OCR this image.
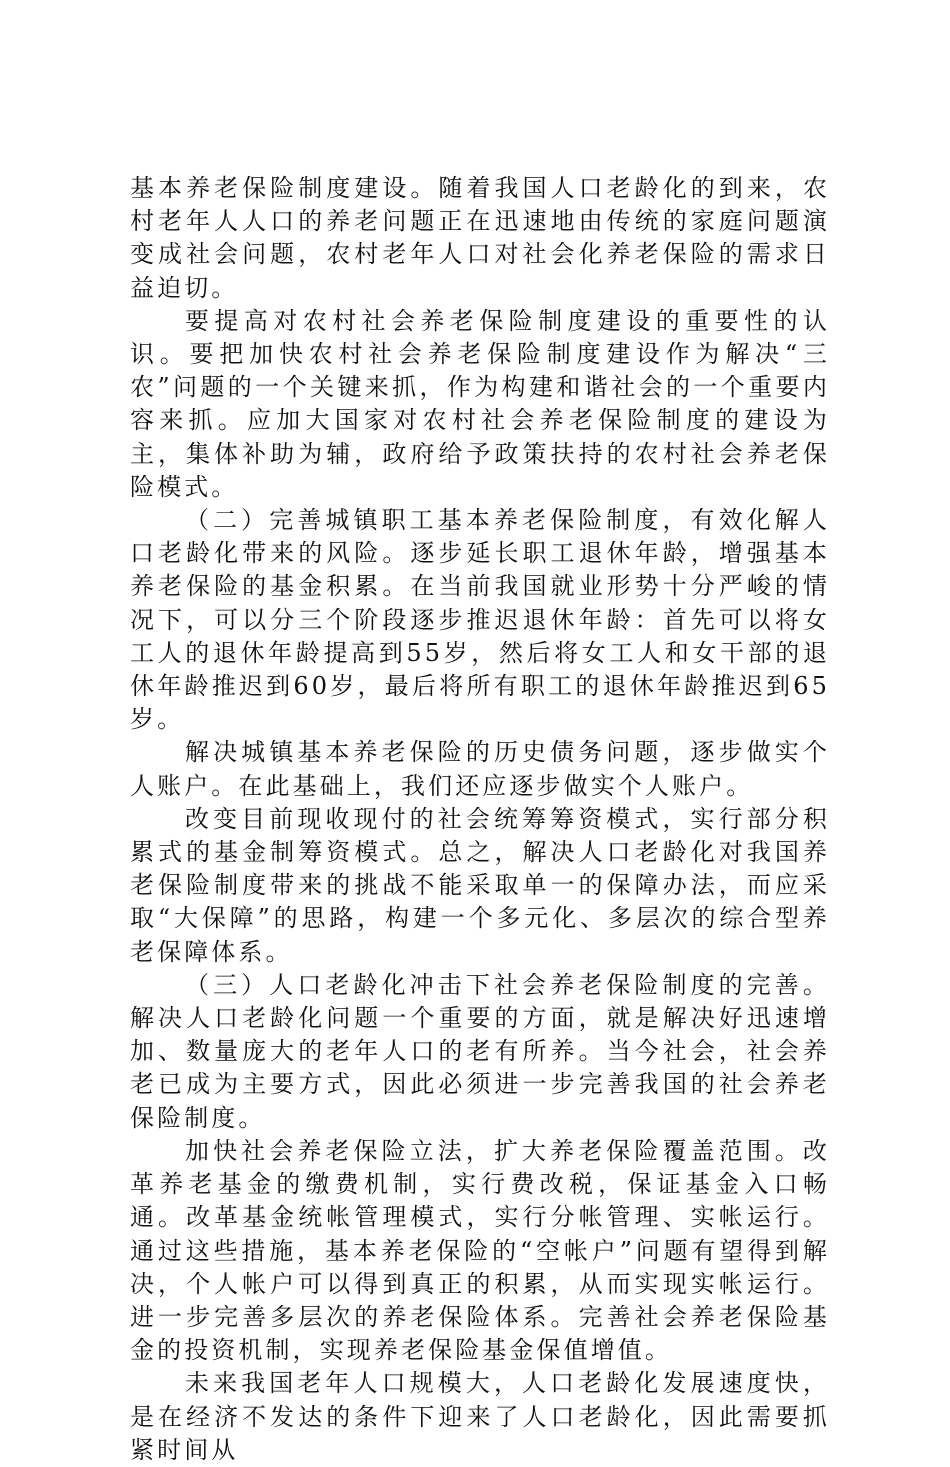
基本养老保险制度建设。随着我国人口老龄化的到来，农村老年人人口的养老问题正在迅速地由传统的家庭问题演变成社会问题，农村老年人口对社会化养老保险的需求日益迫切。

要提高对农村社会养老保险制度建设的重要性的认识。要把加快农村社会养老保险制度建设作为解决“三农”问题的一个关键来抓，作为构建和谐社会的一个重要内容来抓。应加大国家对农村社会养老保险制度的建设为主，集体补助为辅，政府给予政策扶持的农村社会养老保险模式。

（二）完善城镇职工基本养老保险制度，有效化解人口老龄化带来的风险。逐步延长职工退休年龄，增强基本养老保险的基金积累。在当前我国就业形势十分严峻的情况下，可以分三个阶段逐步推迟退休年龄：首先可以将女工人的退休年龄提高到55岁，然后将女工人和女干部的退休年龄推迟到60岁，最后将所有职工的退休年龄推迟到65岁。

解决城镇基本养老保险的历史债务问题，逐步做实个人账户。在此基础上，我们还应逐步做实个人账户。

改变目前现收现付的社会统筹筹资模式，实行部分积累式的基金制筹资模式。总之，解决人口老龄化对我国养老保险制度带来的挑战不能采取单一的保障办法，而应采取“大保障”的思路，构建一个多元化、多层次的综合型养老保障体系。

（三）人口老龄化冲击下社会养老保险制度的完善。解决人口老龄化问题一个重要的方面，就是解决好迅速增加、数量庞大的老年人口的老有所养。当今社会，社会养老已成为主要方式，因此必须进一步完善我国的社会养老保险制度。

加快社会养老保险立法，扩大养老保险覆盖范围。改革养老基金的缴费机制，实行费改税，保证基金入口畅通。改革基金统帐管理模式，实行分帐管理、实帐运行。通过这些措施，基本养老保险的“空帐户”问题有望得到解决，个人帐户可以得到真正的积累，从而实现实帐运行。进一步完善多层次的养老保险体系。完善社会养老保险基金的投资机制，实现养老保险基金保值增值。

未来我国老年人口规模大，人口老龄化发展速度快，是在经济不发达的条件下迎来了人口老龄化，因此需要抓紧时间从
